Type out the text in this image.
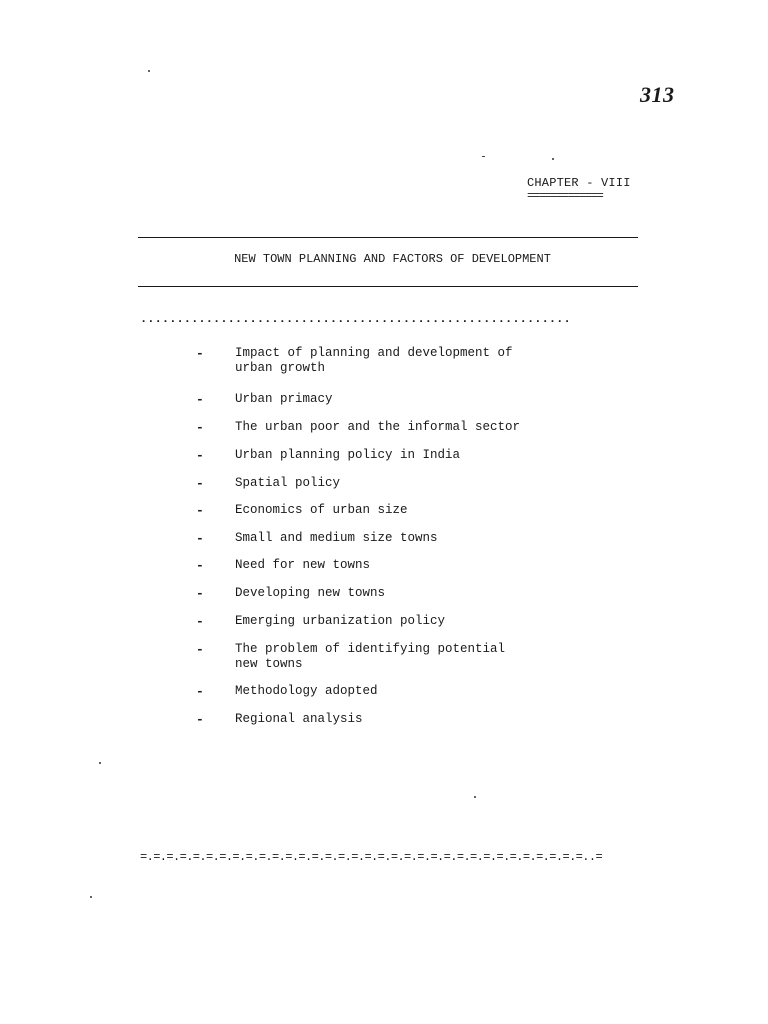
313
CHAPTER - VIII
=============
NEW TOWN PLANNING AND FACTORS OF DEVELOPMENT
...........................................................
- Impact of planning and development of
urban growth
- Urban primacy
- The urban poor and the informal sector
- Urban planning policy in India
- Spatial policy
- Economics of urban size
- Small and medium size towns
- Need for new towns
- Developing new towns
- Emerging urbanization policy
- The problem of identifying potential
new towns
- Methodology adopted
- Regional analysis
=.=.=.=.=.=.=.=.=.=.=.=.=.=.=.=.=.=.=.=.=.=.=.=.=.=.=.=.=.=.=.=.=.=..=
